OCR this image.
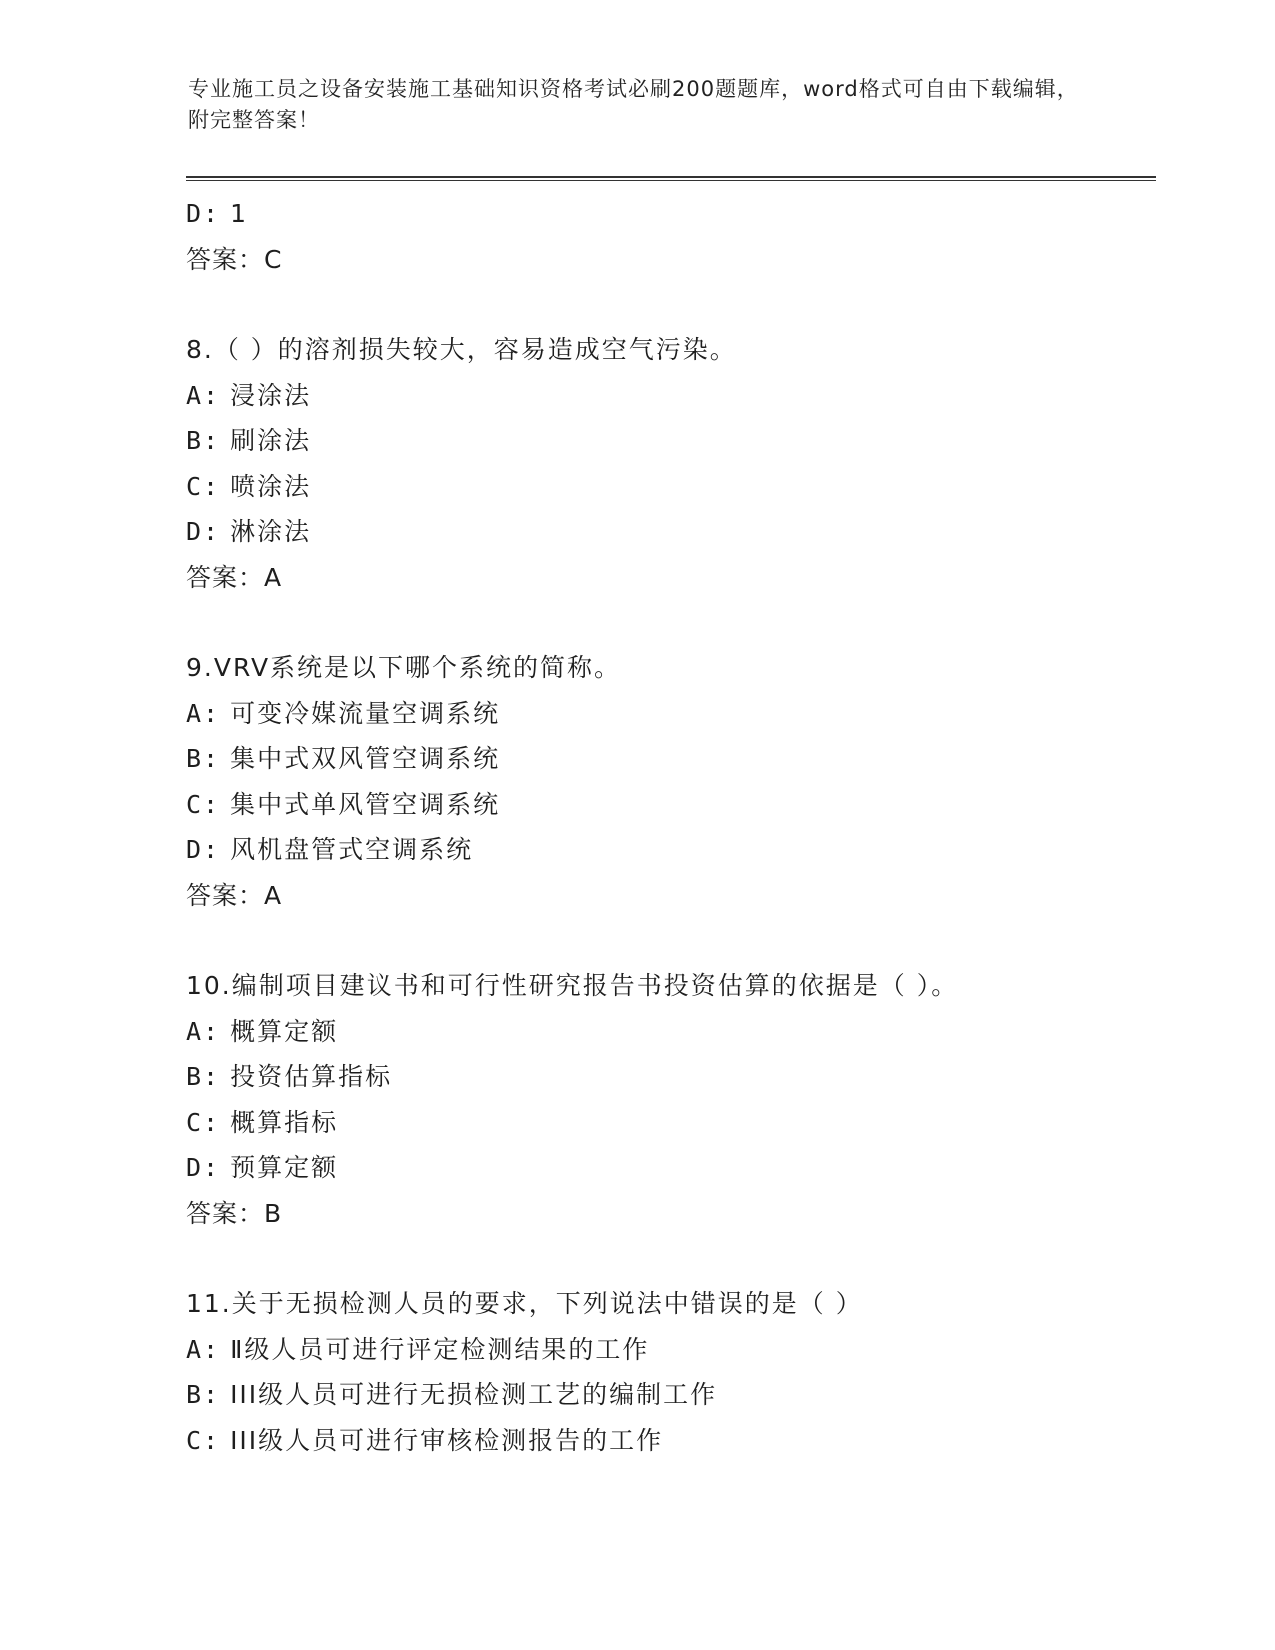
专业施工员之设备安装施工基础知识资格考试必刷200题题库，word格式可自由下载编辑，附完整答案！
D: 1
答案：C
8.（ ）的溶剂损失较大，容易造成空气污染。
A: 浸涂法
B: 刷涂法
C: 喷涂法
D: 淋涂法
答案：A
9.VRV系统是以下哪个系统的简称。
A: 可变冷媒流量空调系统
B: 集中式双风管空调系统
C: 集中式单风管空调系统
D: 风机盘管式空调系统
答案：A
10.编制项目建议书和可行性研究报告书投资估算的依据是（ ）。
A: 概算定额
B: 投资估算指标
C: 概算指标
D: 预算定额
答案：B
11.关于无损检测人员的要求，下列说法中错误的是（ ）
A: Ⅱ级人员可进行评定检测结果的工作
B: III级人员可进行无损检测工艺的编制工作
C: III级人员可进行审核检测报告的工作
